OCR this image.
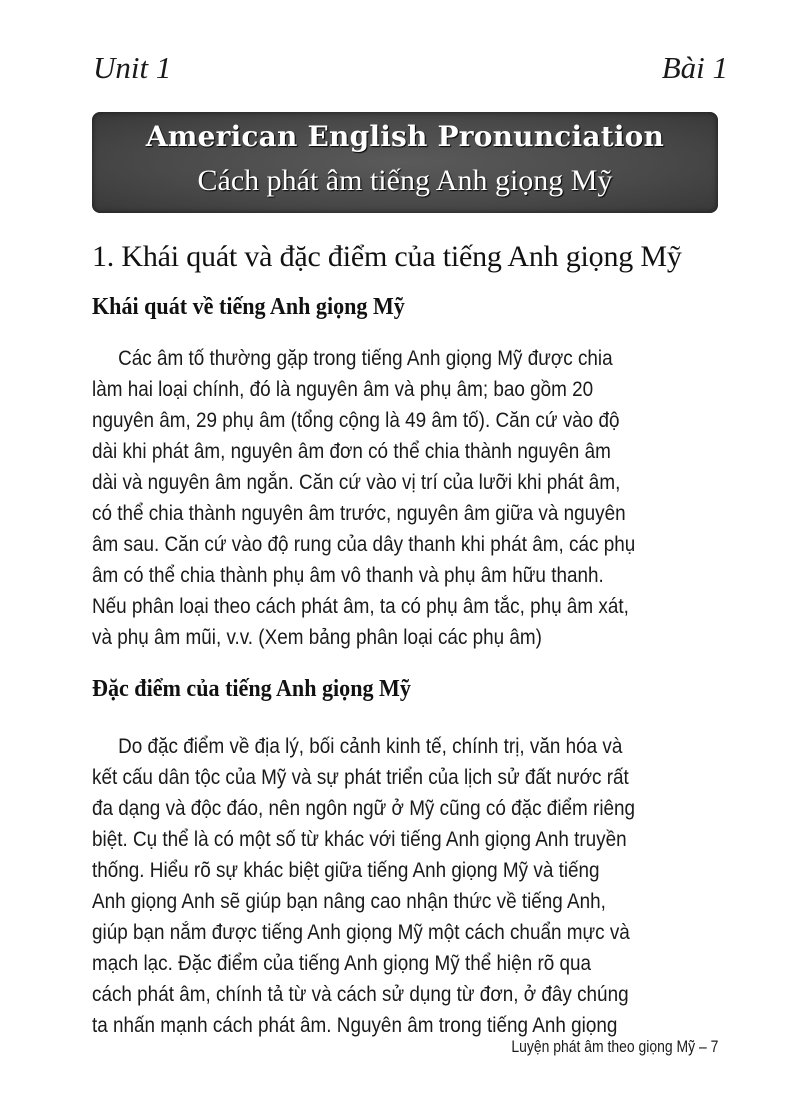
Unit 1	Bài 1
American English Pronunciation
Cách phát âm tiếng Anh giọng Mỹ
1. Khái quát và đặc điểm của tiếng Anh giọng Mỹ
Khái quát về tiếng Anh giọng Mỹ
Các âm tố thường gặp trong tiếng Anh giọng Mỹ được chia
làm hai loại chính, đó là nguyên âm và phụ âm; bao gồm 20
nguyên âm, 29 phụ âm (tổng cộng là 49 âm tố). Căn cứ vào độ
dài khi phát âm, nguyên âm đơn có thể chia thành nguyên âm
dài và nguyên âm ngắn. Căn cứ vào vị trí của lưỡi khi phát âm,
có thể chia thành nguyên âm trước, nguyên âm giữa và nguyên
âm sau. Căn cứ vào độ rung của dây thanh khi phát âm, các phụ
âm có thể chia thành phụ âm vô thanh và phụ âm hữu thanh.
Nếu phân loại theo cách phát âm, ta có phụ âm tắc, phụ âm xát,
và phụ âm mũi, v.v. (Xem bảng phân loại các phụ âm)
Đặc điểm của tiếng Anh giọng Mỹ
Do đặc điểm về địa lý, bối cảnh kinh tế, chính trị, văn hóa và
kết cấu dân tộc của Mỹ và sự phát triển của lịch sử đất nước rất
đa dạng và độc đáo, nên ngôn ngữ ở Mỹ cũng có đặc điểm riêng
biệt. Cụ thể là có một số từ khác với tiếng Anh giọng Anh truyền
thống. Hiểu rõ sự khác biệt giữa tiếng Anh giọng Mỹ và tiếng
Anh giọng Anh sẽ giúp bạn nâng cao nhận thức về tiếng Anh,
giúp bạn nắm được tiếng Anh giọng Mỹ một cách chuẩn mực và
mạch lạc. Đặc điểm của tiếng Anh giọng Mỹ thể hiện rõ qua
cách phát âm, chính tả từ và cách sử dụng từ đơn, ở đây chúng
ta nhấn mạnh cách phát âm. Nguyên âm trong tiếng Anh giọng
Luyện phát âm theo giọng Mỹ – 7
